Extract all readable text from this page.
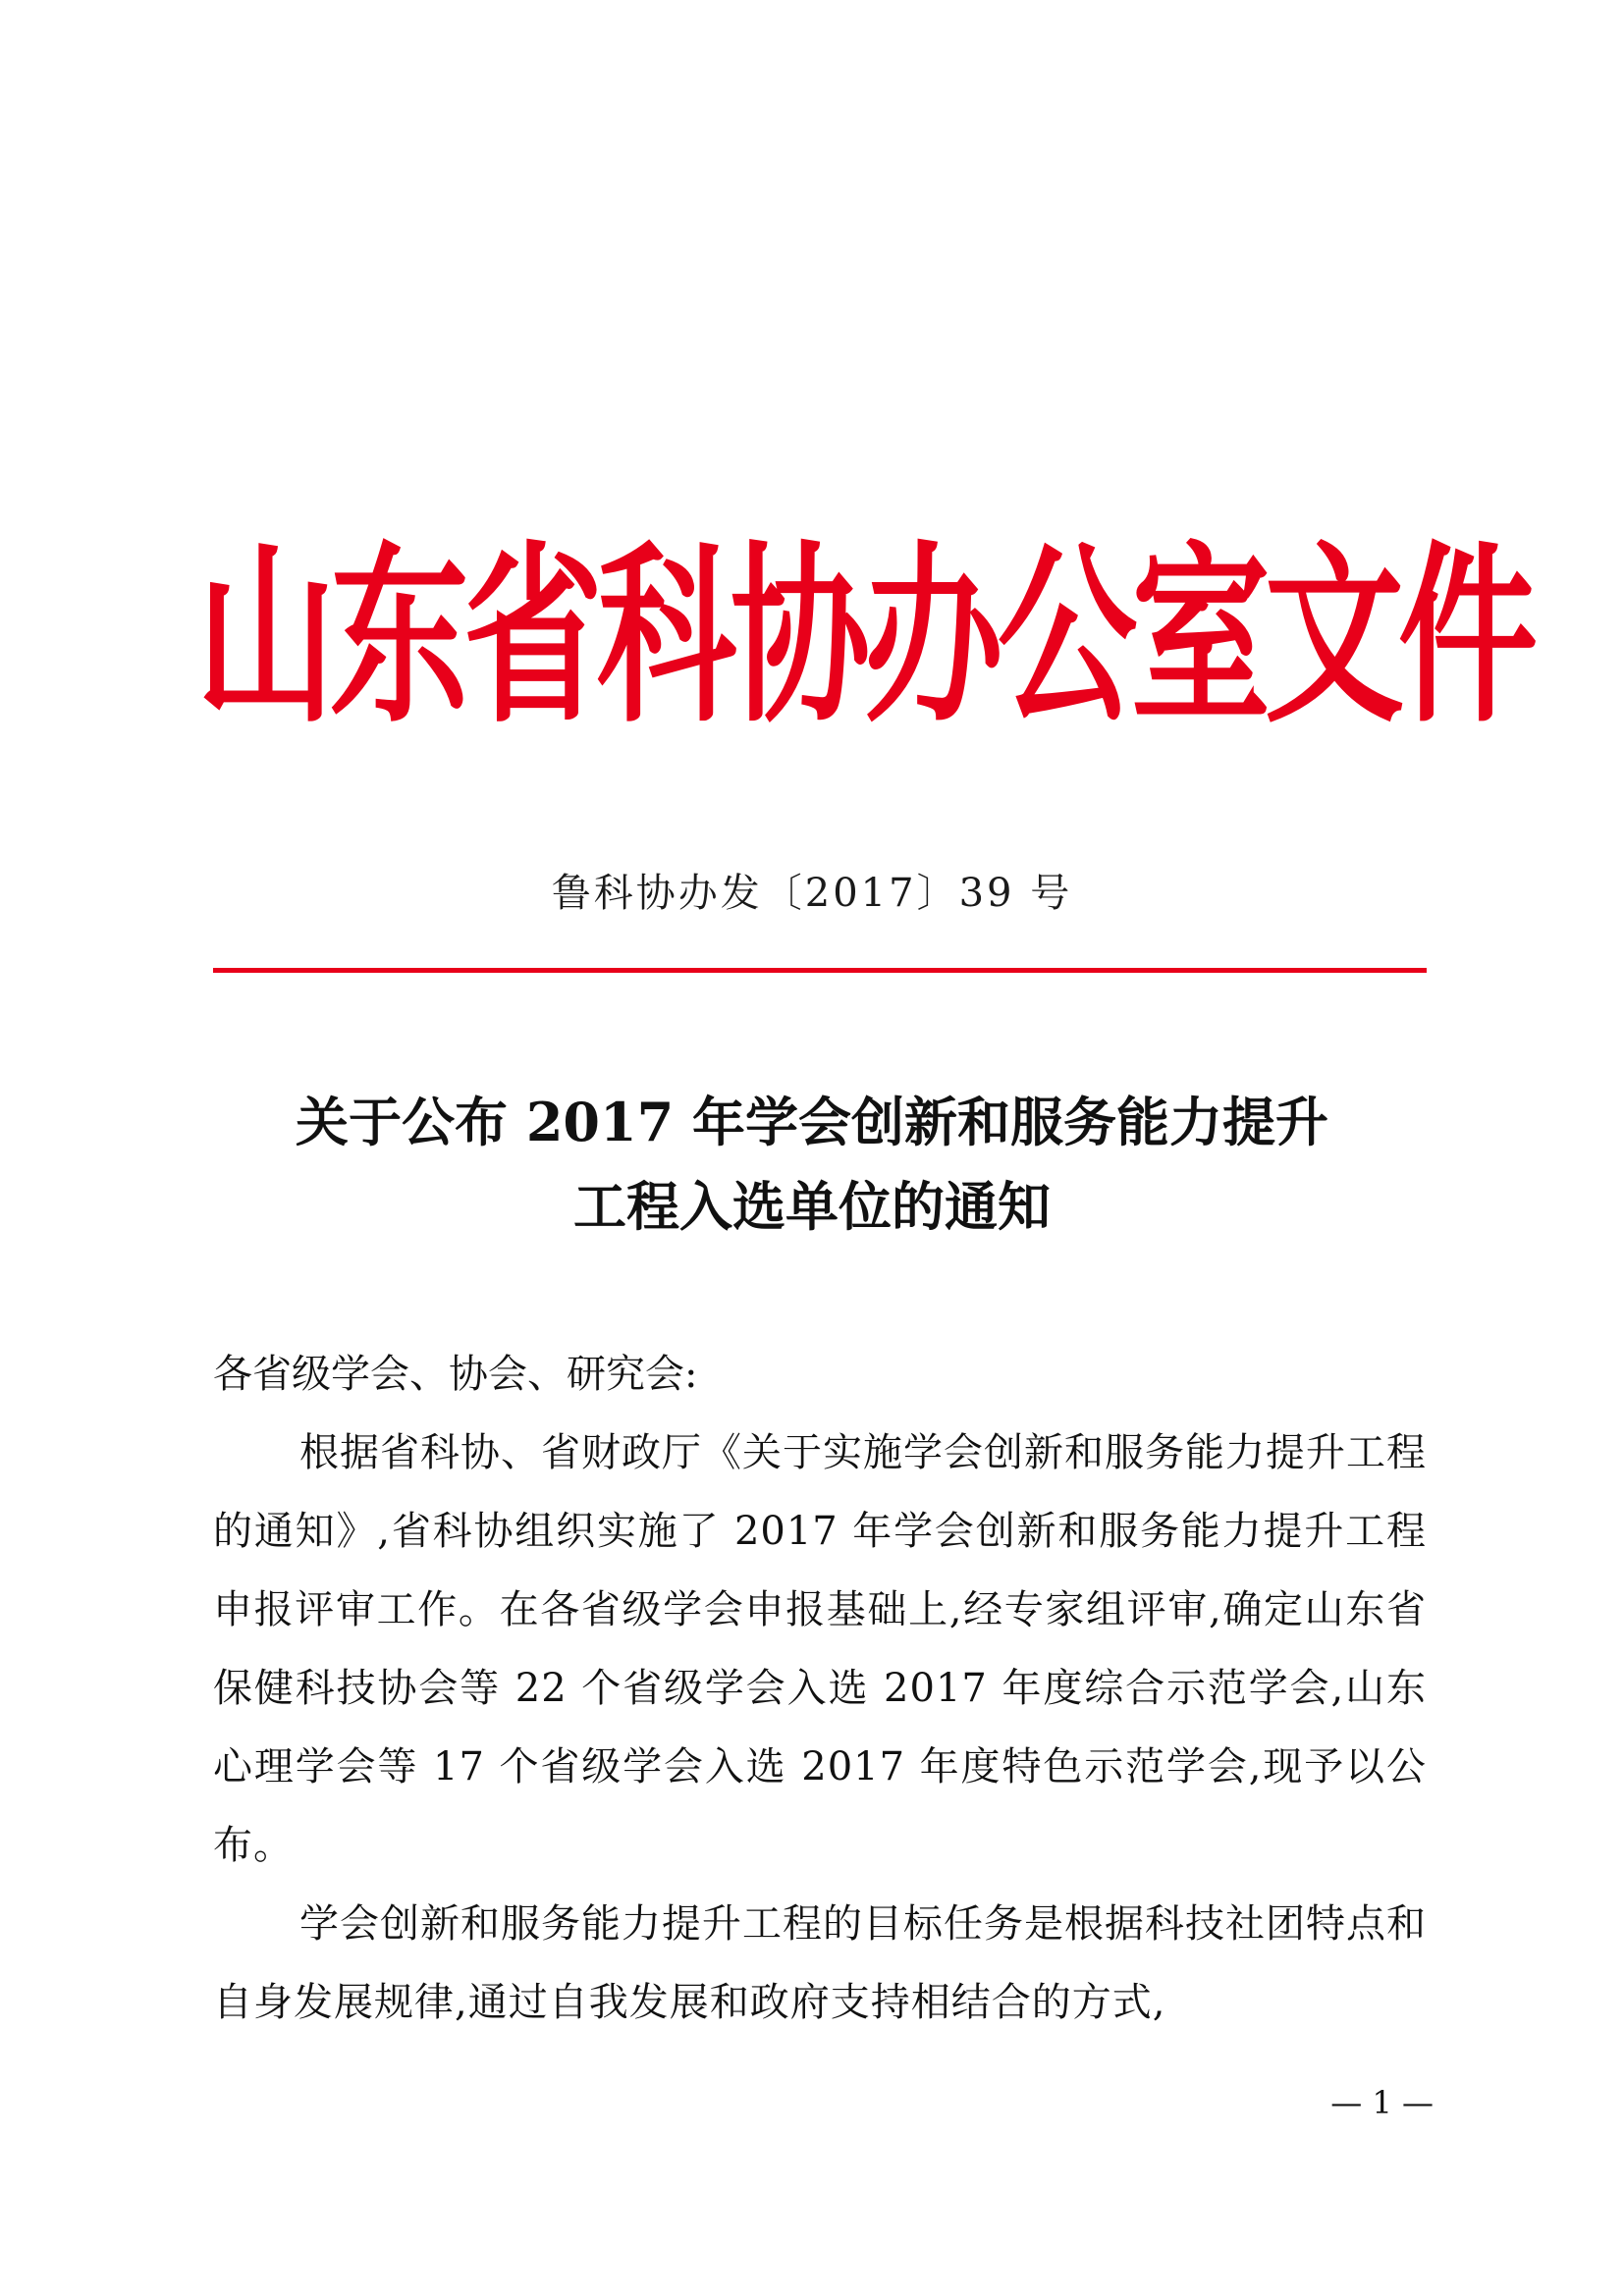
山东省科协办公室文件
鲁科协办发〔2017〕39 号
关于公布 2017 年学会创新和服务能力提升
工程入选单位的通知
各省级学会、协会、研究会:

根据省科协、省财政厅《关于实施学会创新和服务能力提升工程的通知》,省科协组织实施了 2017 年学会创新和服务能力提升工程申报评审工作。在各省级学会申报基础上,经专家组评审,确定山东省保健科技协会等 22 个省级学会入选 2017 年度综合示范学会,山东心理学会等 17 个省级学会入选 2017 年度特色示范学会,现予以公布。

学会创新和服务能力提升工程的目标任务是根据科技社团特点和自身发展规律,通过自我发展和政府支持相结合的方式,

— 1 —
